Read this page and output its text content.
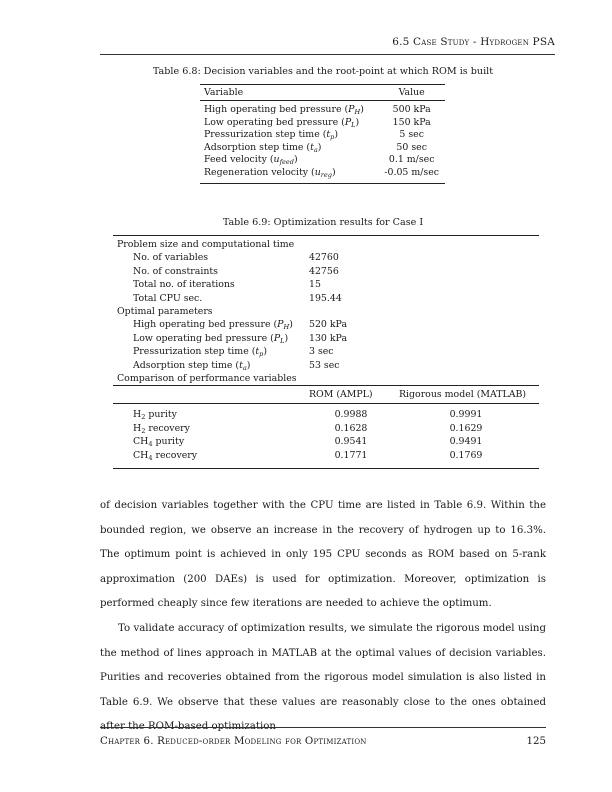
6.5 Case Study - Hydrogen PSA
Table 6.8: Decision variables and the root-point at which ROM is built
Variable	Value
High operating bed pressure $(P_H)$	500 kPa
Low operating bed pressure $(P_L)$	150 kPa
Pressurization step time $(t_p)$	5 sec
Adsorption step time $(t_a)$	50 sec
Feed velocity $(u_{feed})$	0.1 m/sec
Regeneration velocity $(u_{reg})$	-0.05 m/sec
Table 6.9: Optimization results for Case I
Problem size and computational time		
No. of variables	42760	
No. of constraints	42756	
Total no. of iterations	15	
Total CPU sec.	195.44	
Optimal parameters		
High operating bed pressure $(P_H)$	520 kPa	
Low operating bed pressure $(P_L)$	130 kPa	
Pressurization step time $(t_p)$	3 sec	
Adsorption step time $(t_a)$	53 sec	
Comparison of performance variables		
	ROM (AMPL)	Rigorous model (MATLAB)
$H_2$ purity	0.9988	0.9991
$H_2$ recovery	0.1628	0.1629
$CH_4$ purity	0.9541	0.9491
$CH_4$ recovery	0.1771	0.1769

of decision variables together with the CPU time are listed in Table 6.9. Within the bounded region, we observe an increase in the recovery of hydrogen up to 16.3%. The optimum point is achieved in only 195 CPU seconds as ROM based on 5-rank approximation (200 DAEs) is used for optimization. Moreover, optimization is performed cheaply since few iterations are needed to achieve the optimum.

To validate accuracy of optimization results, we simulate the rigorous model using the method of lines approach in MATLAB at the optimal values of decision variables. Purities and recoveries obtained from the rigorous model simulation is also listed in Table 6.9. We observe that these values are reasonably close to the ones obtained after the ROM-based optimization

Chapter 6. Reduced-order Modeling for Optimization	125
